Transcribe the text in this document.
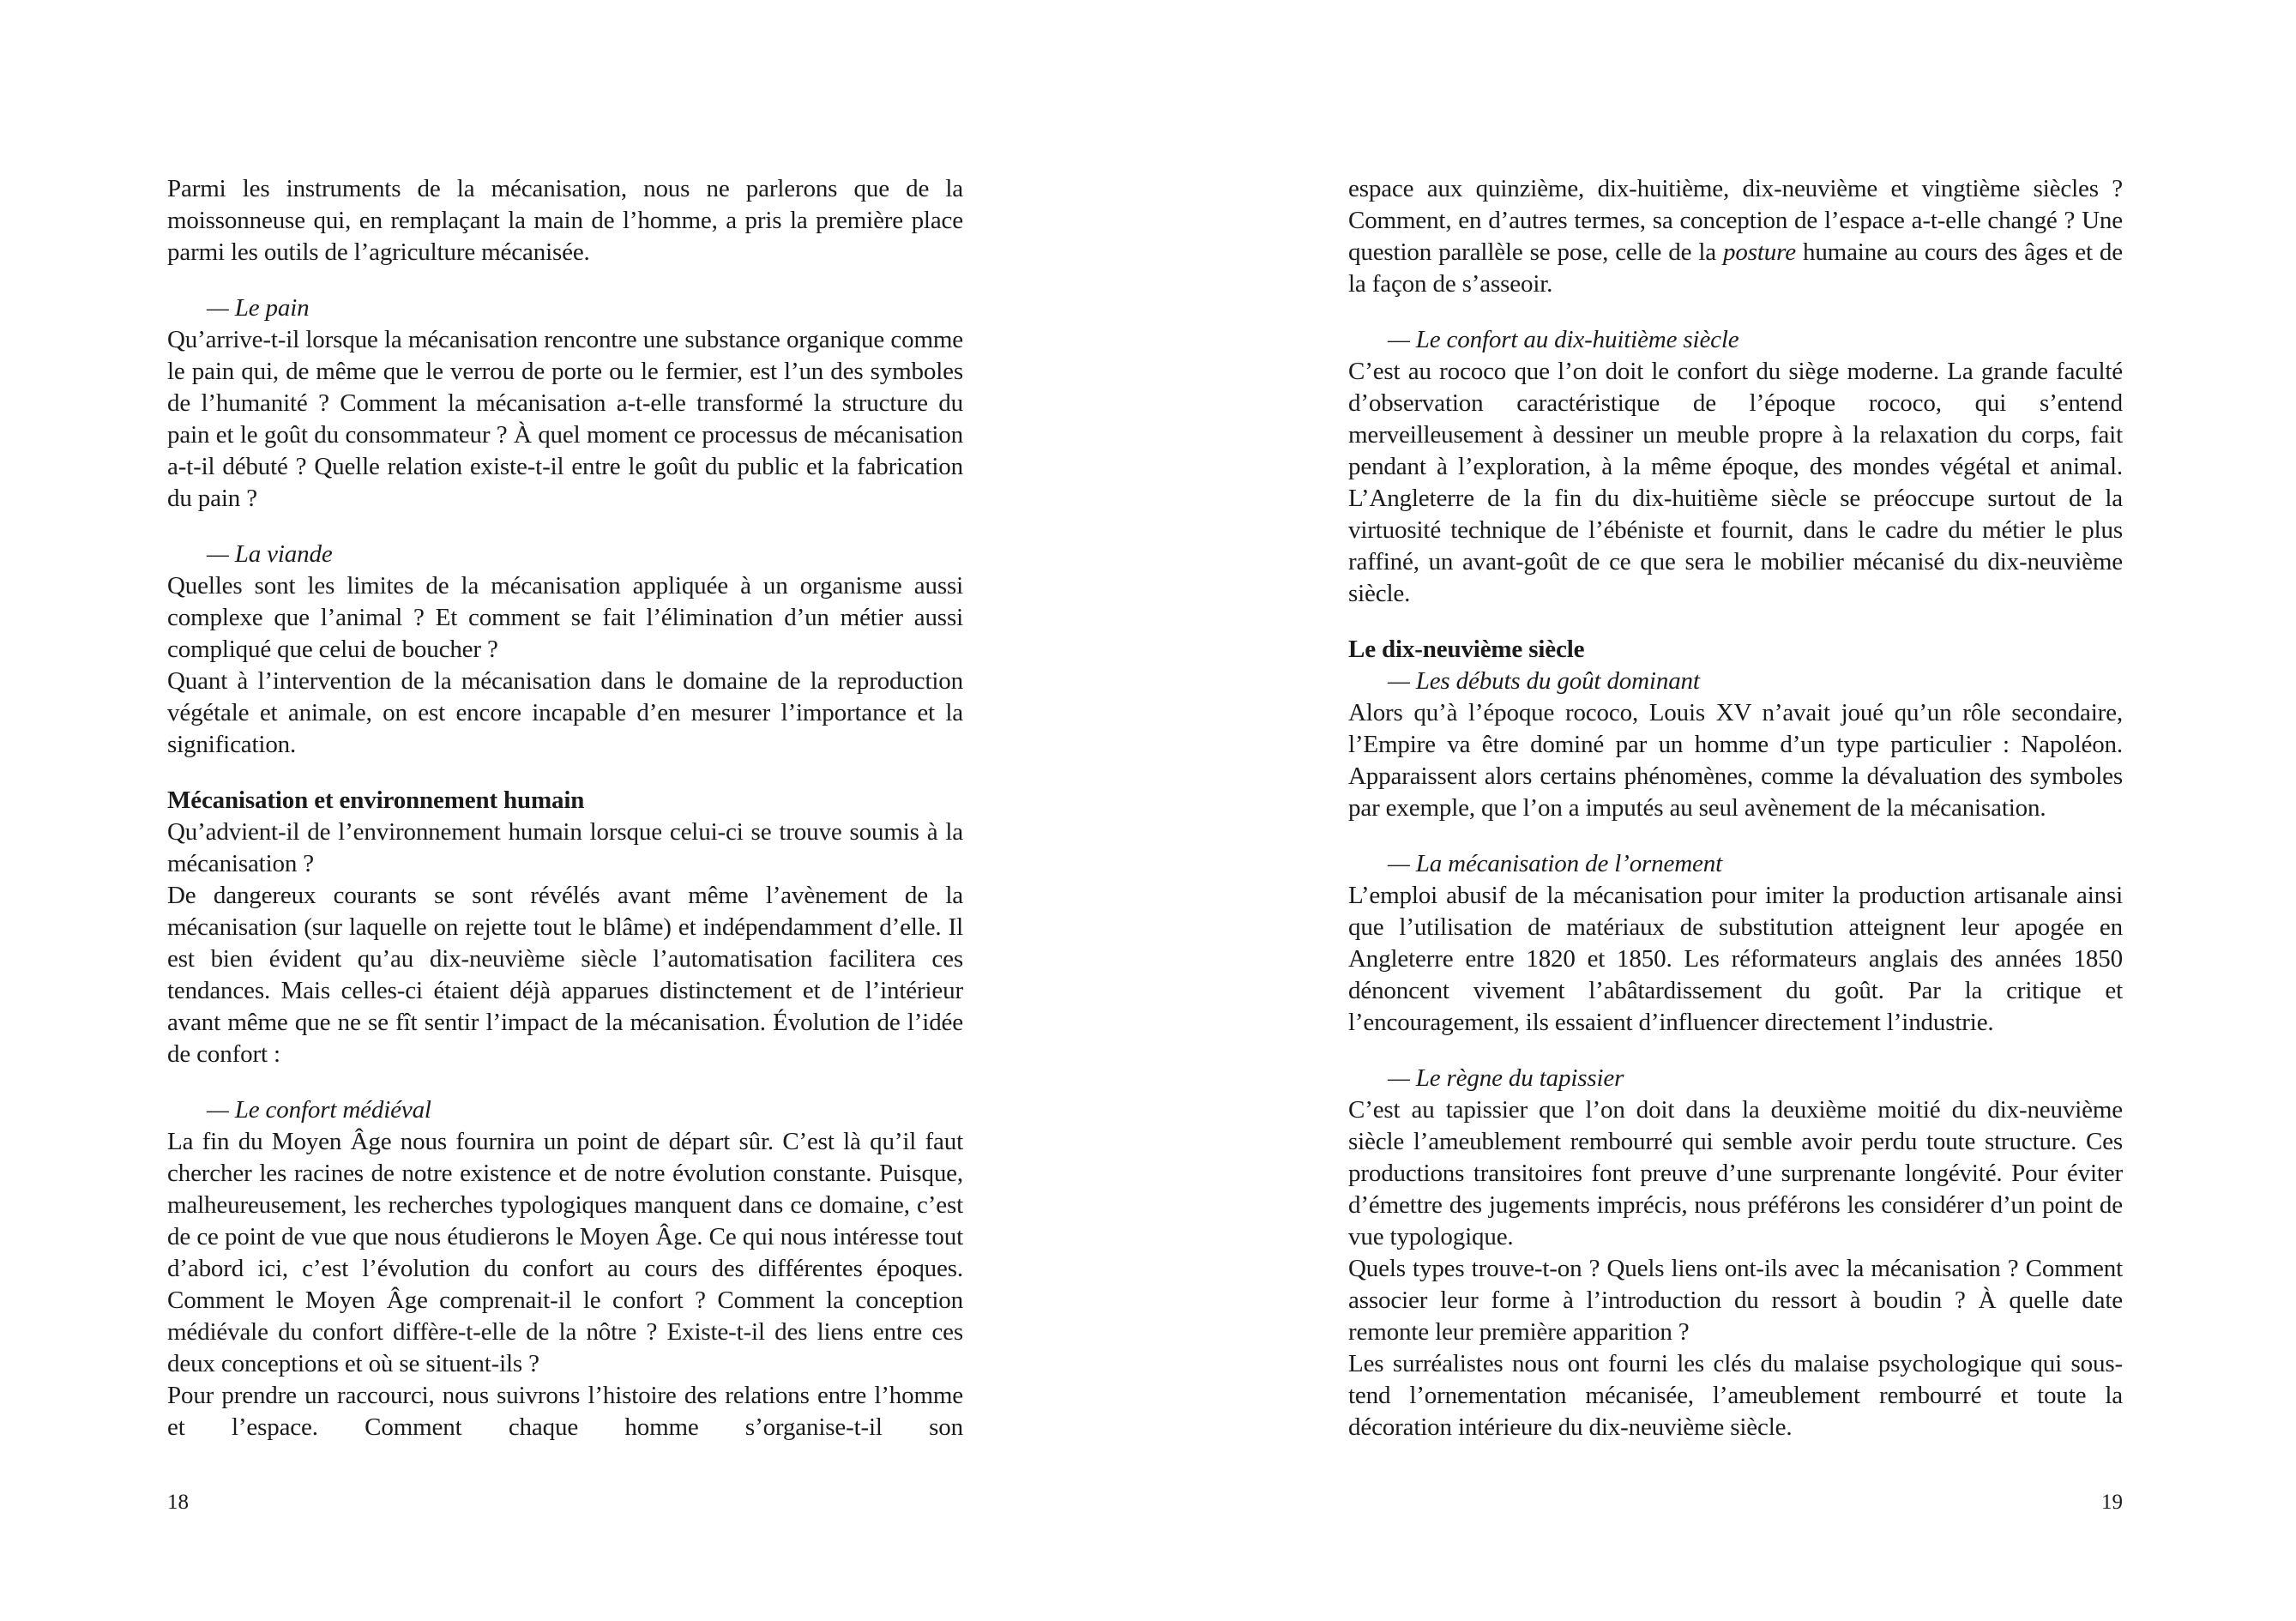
Parmi les instruments de la mécanisation, nous ne parlerons que de la moissonneuse qui, en remplaçant la main de l’homme, a pris la première place parmi les outils de l’agriculture mécanisée.

— Le pain

Qu’arrive-t-il lorsque la mécanisation rencontre une substance organique comme le pain qui, de même que le verrou de porte ou le fermier, est l’un des symboles de l’humanité ? Comment la mécanisation a-t-elle transformé la structure du pain et le goût du consommateur ? À quel moment ce processus de mécanisation a-t-il débuté ? Quelle relation existe-t-il entre le goût du public et la fabrication du pain ?

— La viande

Quelles sont les limites de la mécanisation appliquée à un organisme aussi complexe que l’animal ? Et comment se fait l’élimination d’un métier aussi compliqué que celui de boucher ?

Quant à l’intervention de la mécanisation dans le domaine de la reproduction végétale et animale, on est encore incapable d’en mesurer l’importance et la signification.

Mécanisation et environnement humain

Qu’advient-il de l’environnement humain lorsque celui-ci se trouve soumis à la mécanisation ?

De dangereux courants se sont révélés avant même l’avènement de la mécanisation (sur laquelle on rejette tout le blâme) et indépendamment d’elle. Il est bien évident qu’au dix-neuvième siècle l’automatisation facilitera ces tendances. Mais celles-ci étaient déjà apparues distinctement et de l’intérieur avant même que ne se fît sentir l’impact de la mécanisation. Évolution de l’idée de confort :

— Le confort médiéval

La fin du Moyen Âge nous fournira un point de départ sûr. C’est là qu’il faut chercher les racines de notre existence et de notre évolution constante. Puisque, malheureusement, les recherches typologiques manquent dans ce domaine, c’est de ce point de vue que nous étudierons le Moyen Âge. Ce qui nous intéresse tout d’abord ici, c’est l’évolution du confort au cours des différentes époques. Comment le Moyen Âge comprenait-il le confort ? Comment la conception médiévale du confort diffère-t-elle de la nôtre ? Existe-t-il des liens entre ces deux conceptions et où se situent-ils ?

Pour prendre un raccourci, nous suivrons l’histoire des relations entre l’homme et l’espace. Comment chaque homme s’organise-t-il son

espace aux quinzième, dix-huitième, dix-neuvième et vingtième siècles ? Comment, en d’autres termes, sa conception de l’espace a-t-elle changé ? Une question parallèle se pose, celle de la posture humaine au cours des âges et de la façon de s’asseoir.

— Le confort au dix-huitième siècle

C’est au rococo que l’on doit le confort du siège moderne. La grande faculté d’observation caractéristique de l’époque rococo, qui s’entend merveilleusement à dessiner un meuble propre à la relaxation du corps, fait pendant à l’exploration, à la même époque, des mondes végétal et animal. L’Angleterre de la fin du dix-huitième siècle se préoccupe surtout de la virtuosité technique de l’ébéniste et fournit, dans le cadre du métier le plus raffiné, un avant-goût de ce que sera le mobilier mécanisé du dix-neuvième siècle.

Le dix-neuvième siècle
— Les débuts du goût dominant

Alors qu’à l’époque rococo, Louis XV n’avait joué qu’un rôle secondaire, l’Empire va être dominé par un homme d’un type particulier : Napoléon. Apparaissent alors certains phénomènes, comme la dévaluation des symboles par exemple, que l’on a imputés au seul avènement de la mécanisation.

— La mécanisation de l’ornement

L’emploi abusif de la mécanisation pour imiter la production artisanale ainsi que l’utilisation de matériaux de substitution atteignent leur apogée en Angleterre entre 1820 et 1850. Les réformateurs anglais des années 1850 dénoncent vivement l’abâtardissement du goût. Par la critique et l’encouragement, ils essaient d’influencer directement l’industrie.

— Le règne du tapissier

C’est au tapissier que l’on doit dans la deuxième moitié du dix-neuvième siècle l’ameublement rembourré qui semble avoir perdu toute structure. Ces productions transitoires font preuve d’une surprenante longévité. Pour éviter d’émettre des jugements imprécis, nous préférons les considérer d’un point de vue typologique.

Quels types trouve-t-on ? Quels liens ont-ils avec la mécanisation ? Comment associer leur forme à l’introduction du ressort à boudin ? À quelle date remonte leur première apparition ?

Les surréalistes nous ont fourni les clés du malaise psychologique qui sous-tend l’ornementation mécanisée, l’ameublement rembourré et toute la décoration intérieure du dix-neuvième siècle.

18	19
